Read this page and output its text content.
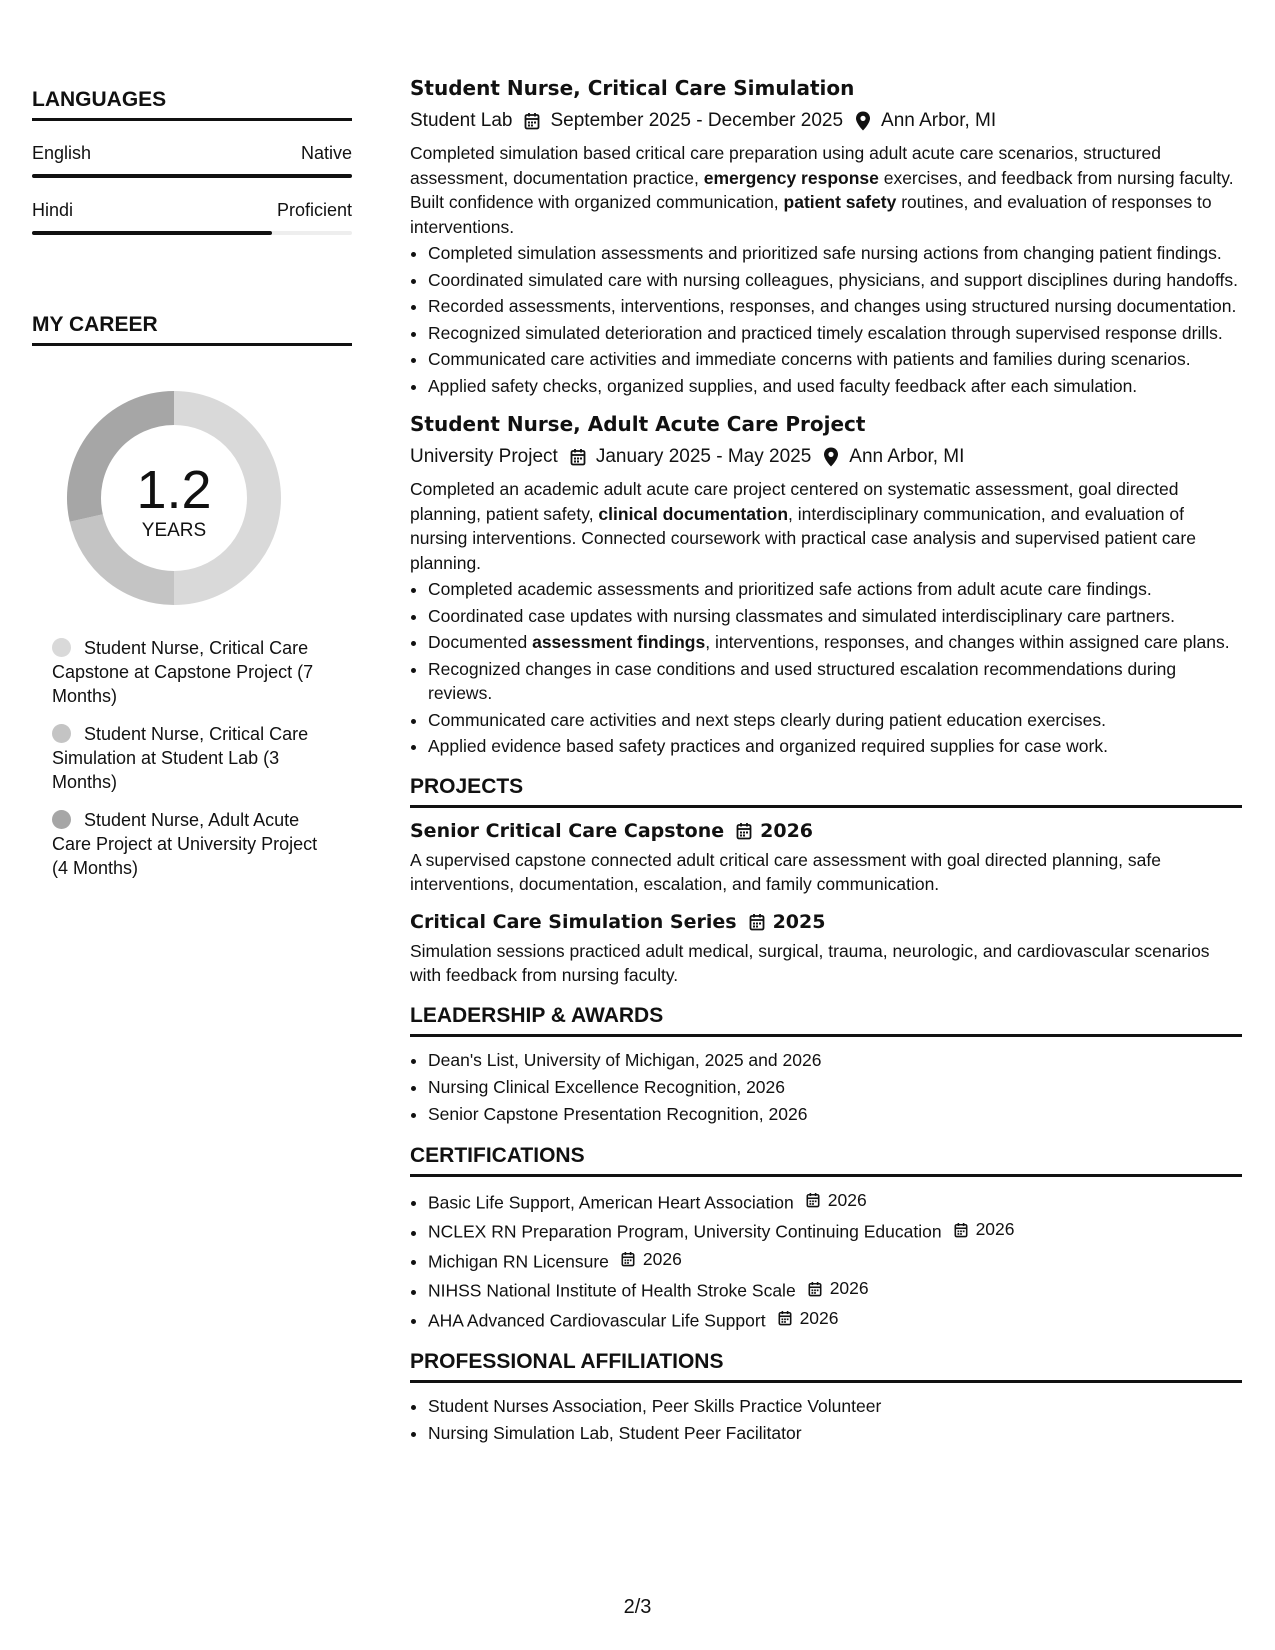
LANGUAGES
English	Native
Hindi	Proficient
MY CAREER
1.2
YEARS
Student Nurse, Critical Care Capstone at Capstone Project (7 Months)
Student Nurse, Critical Care Simulation at Student Lab (3 Months)
Student Nurse, Adult Acute Care Project at University Project (4 Months)
Student Nurse, Critical Care Simulation
Student Lab September 2025 - December 2025 Ann Arbor, MI

Completed simulation based critical care preparation using adult acute care scenarios, structured assessment, documentation practice, emergency response exercises, and feedback from nursing faculty. Built confidence with organized communication, patient safety routines, and evaluation of responses to interventions.

• Completed simulation assessments and prioritized safe nursing actions from changing patient findings.
• Coordinated simulated care with nursing colleagues, physicians, and support disciplines during handoffs.
• Recorded assessments, interventions, responses, and changes using structured nursing documentation.
• Recognized simulated deterioration and practiced timely escalation through supervised response drills.
• Communicated care activities and immediate concerns with patients and families during scenarios.
• Applied safety checks, organized supplies, and used faculty feedback after each simulation.
Student Nurse, Adult Acute Care Project
University Project January 2025 - May 2025 Ann Arbor, MI

Completed an academic adult acute care project centered on systematic assessment, goal directed planning, patient safety, clinical documentation, interdisciplinary communication, and evaluation of nursing interventions. Connected coursework with practical case analysis and supervised patient care planning.

• Completed academic assessments and prioritized safe actions from adult acute care findings.
• Coordinated case updates with nursing classmates and simulated interdisciplinary care partners.
• Documented assessment findings, interventions, responses, and changes within assigned care plans.
• Recognized changes in case conditions and used structured escalation recommendations during reviews.
• Communicated care activities and next steps clearly during patient education exercises.
• Applied evidence based safety practices and organized required supplies for case work.
PROJECTS
Senior Critical Care Capstone 2026

A supervised capstone connected adult critical care assessment with goal directed planning, safe interventions, documentation, escalation, and family communication.

Critical Care Simulation Series 2025

Simulation sessions practiced adult medical, surgical, trauma, neurologic, and cardiovascular scenarios with feedback from nursing faculty.

LEADERSHIP & AWARDS
• Dean's List, University of Michigan, 2025 and 2026
• Nursing Clinical Excellence Recognition, 2026
• Senior Capstone Presentation Recognition, 2026
CERTIFICATIONS
• Basic Life Support, American Heart Association 2026
• NCLEX RN Preparation Program, University Continuing Education 2026
• Michigan RN Licensure 2026
• NIHSS National Institute of Health Stroke Scale 2026
• AHA Advanced Cardiovascular Life Support 2026
PROFESSIONAL AFFILIATIONS
• Student Nurses Association, Peer Skills Practice Volunteer
• Nursing Simulation Lab, Student Peer Facilitator
2/3
